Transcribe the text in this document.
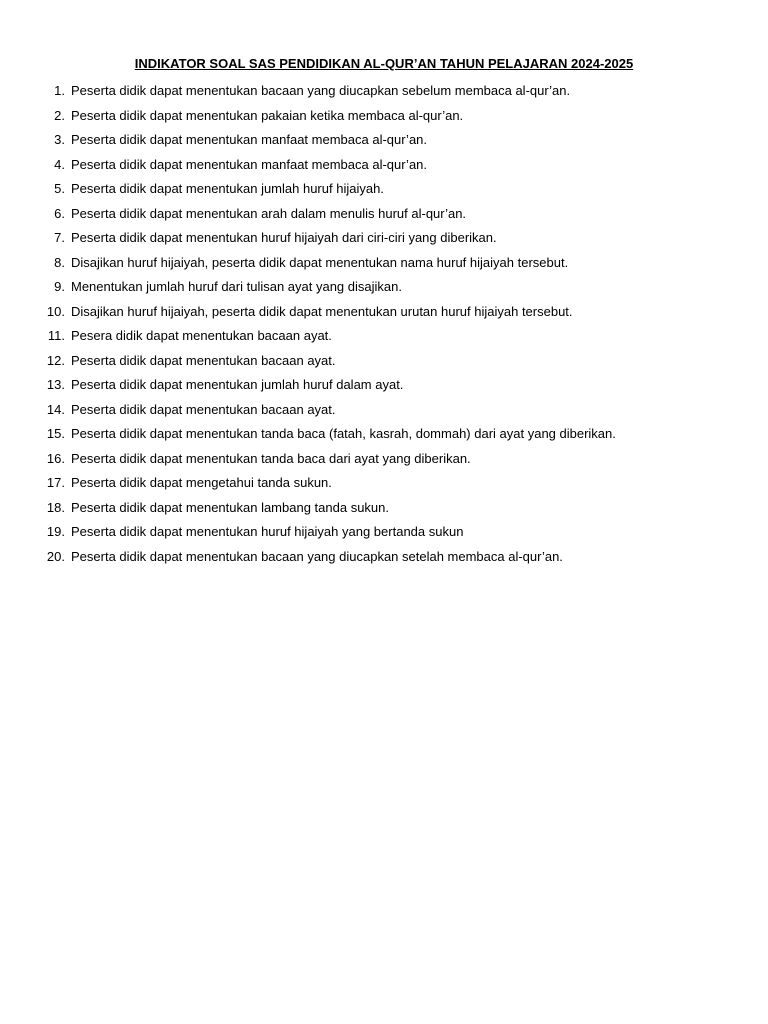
INDIKATOR SOAL SAS PENDIDIKAN AL-QUR’AN TAHUN PELAJARAN 2024-2025
1. Peserta didik dapat menentukan bacaan yang diucapkan sebelum membaca al-qur’an.
2. Peserta didik dapat menentukan pakaian ketika membaca al-qur’an.
3. Peserta didik dapat menentukan manfaat membaca al-qur’an.
4. Peserta didik dapat menentukan manfaat membaca al-qur’an.
5. Peserta didik dapat menentukan jumlah huruf hijaiyah.
6. Peserta didik dapat menentukan arah dalam menulis huruf al-qur’an.
7. Peserta didik dapat menentukan huruf hijaiyah dari ciri-ciri yang diberikan.
8. Disajikan huruf hijaiyah, peserta didik dapat menentukan nama huruf hijaiyah tersebut.
9. Menentukan jumlah huruf dari tulisan ayat yang disajikan.
10. Disajikan huruf hijaiyah, peserta didik dapat menentukan urutan huruf hijaiyah tersebut.
11. Pesera didik dapat menentukan bacaan ayat.
12. Peserta didik dapat menentukan bacaan ayat.
13. Peserta didik dapat menentukan jumlah huruf dalam ayat.
14. Peserta didik dapat menentukan bacaan ayat.
15. Peserta didik dapat menentukan tanda baca (fatah, kasrah, dommah) dari ayat yang diberikan.
16. Peserta didik dapat menentukan tanda baca dari ayat yang diberikan.
17. Peserta didik dapat mengetahui tanda sukun.
18. Peserta didik dapat menentukan lambang tanda sukun.
19. Peserta didik dapat menentukan huruf hijaiyah yang bertanda sukun
20. Peserta didik dapat menentukan bacaan yang diucapkan setelah membaca al-qur’an.
